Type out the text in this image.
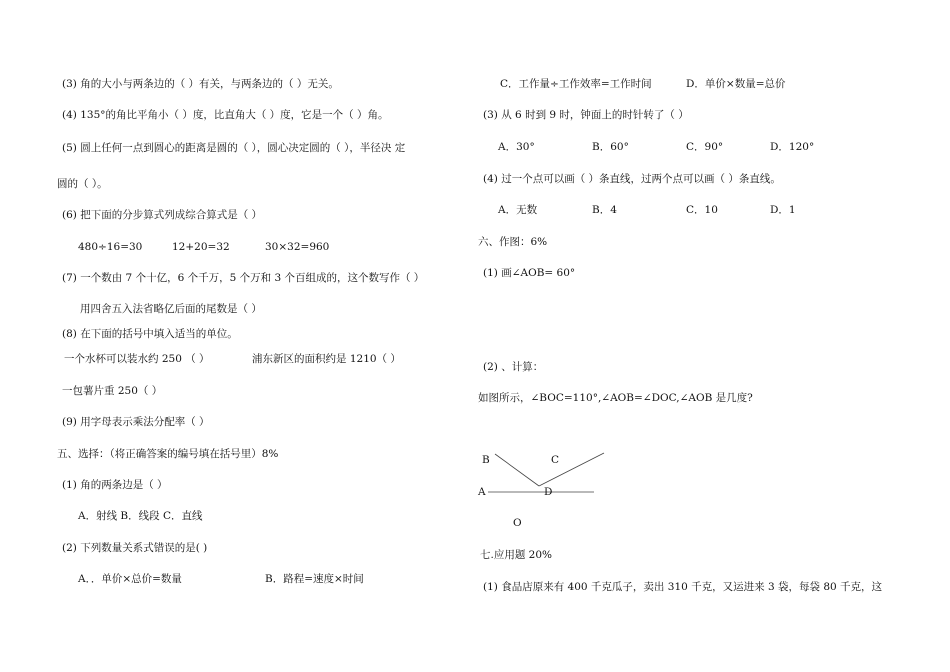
(3) 角的大小与两条边的（ ）有关，与两条边的（ ）无关。
(4) 135°的角比平角小（ ）度，比直角大（ ）度，它是一个（ ）角。
(5) 圆上任何一点到圆心的距离是圆的（ ），圆心决定圆的（ ），半径决 定
圆的（ ）。
(6) 把下面的分步算式列成综合算式是（ ）
480÷16=30	12+20=32	30×32=960
(7) 一个数由 7 个十亿，6 个千万，5 个万和 3 个百组成的，这个数写作（ ）
用四舍五入法省略亿后面的尾数是（ ）
(8) 在下面的括号中填入适当的单位。
一个水杯可以装水约 250 （ ）	浦东新区的面积约是 1210（ ）
一包薯片重 250（ ）
(9) 用字母表示乘法分配率（ ）
五、选择：（将正确答案的编号填在括号里）8%
(1) 角的两条边是（ ）
A．射线 B．线段 C．直线
(2) 下列数量关系式错误的是( )
A．．单价×总价=数量	B．路程=速度×时间
C．工作量÷工作效率=工作时间	D．单价×数量=总价
(3) 从 6 时到 9 时，钟面上的时针转了（ ）
A．30°	B．60°	C．90°	D．120°
(4) 过一个点可以画（ ）条直线，过两个点可以画（ ）条直线。
A．无数	B．4	C．10	D．1
六、作图：6%
(1) 画∠AOB= 60°
(2) 、计算：
如图所示，∠BOC=110°,∠AOB=∠DOC,∠AOB 是几度?
B	C
A	D
O
七.应用题 20%
(1) 食品店原来有 400 千克瓜子，卖出 310 千克，又运进来 3 袋，每袋 80 千克，这
